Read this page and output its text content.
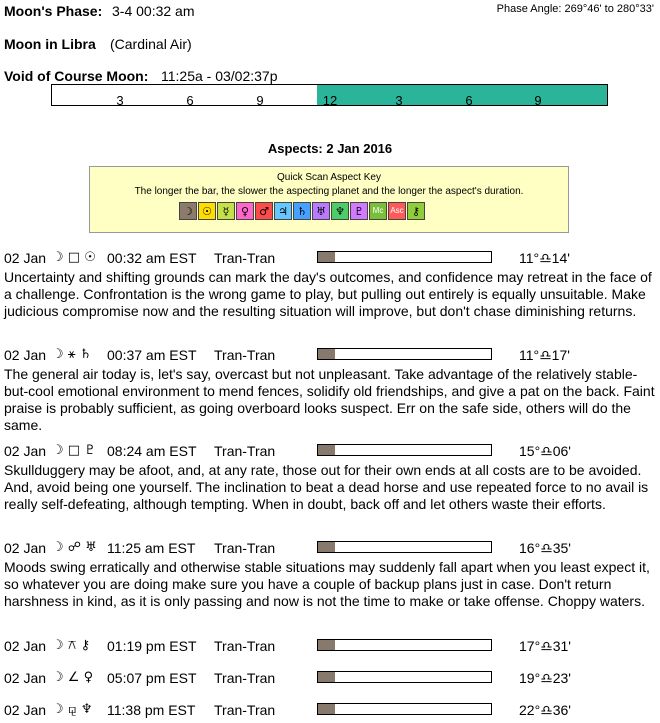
Moon's Phase: 3-4 00:32 am	Phase Angle: 269°46' to 280°33'
Moon in Libra (Cardinal Air)
Void of Course Moon: 11:25a - 03/02:37p
3	6	9	12	3	6	9
Aspects: 2 Jan 2016
Quick Scan Aspect Key
The longer the bar, the slower the aspecting planet and the longer the aspect's duration.
☽ ☉ ☿	♀ ♂ ♃ ♄ ♅ ♆ ♇	Mc Asc ⚷
02 Jan ☽ □ ☉ 00:32 am EST Tran-Tran	11°♎14'
Uncertainty and shifting grounds can mark the day's outcomes, and confidence may retreat in the face of a challenge. Confrontation is the wrong game to play, but pulling out entirely is equally unsuitable. Make judicious compromise now and the resulting situation will improve, but don't chase diminishing returns.
02 Jan ☽ ⚹ ♄ 00:37 am EST Tran-Tran	11°♎17'
The general air today is, let's say, overcast but not unpleasant. Take advantage of the relatively stable-but-cool emotional environment to mend fences, solidify old friendships, and give a pat on the back. Faint praise is probably sufficient, as going overboard looks suspect. Err on the safe side, others will do the same.
02 Jan ☽ □ ♇ 08:24 am EST Tran-Tran	15°♎06'
Skullduggery may be afoot, and, at any rate, those out for their own ends at all costs are to be avoided. And, avoid being one yourself. The inclination to beat a dead horse and use repeated force to no avail is really self-defeating, although tempting. When in doubt, back off and let others waste their efforts.
02 Jan ☽ ☍ ♅ 11:25 am EST Tran-Tran	16°♎35'
Moods swing erratically and otherwise stable situations may suddenly fall apart when you least expect it, so whatever you are doing make sure you have a couple of backup plans just in case. Don't return harshness in kind, as it is only passing and now is not the time to make or take offense. Choppy waters.
02 Jan ☽ ⚻ ⚷ 01:19 pm EST Tran-Tran	17°♎31'
02 Jan ☽ ∠ ♀ 05:07 pm EST Tran-Tran	19°♎23'
02 Jan ☽ ⚼ ♆ 11:38 pm EST Tran-Tran	22°♎36'
